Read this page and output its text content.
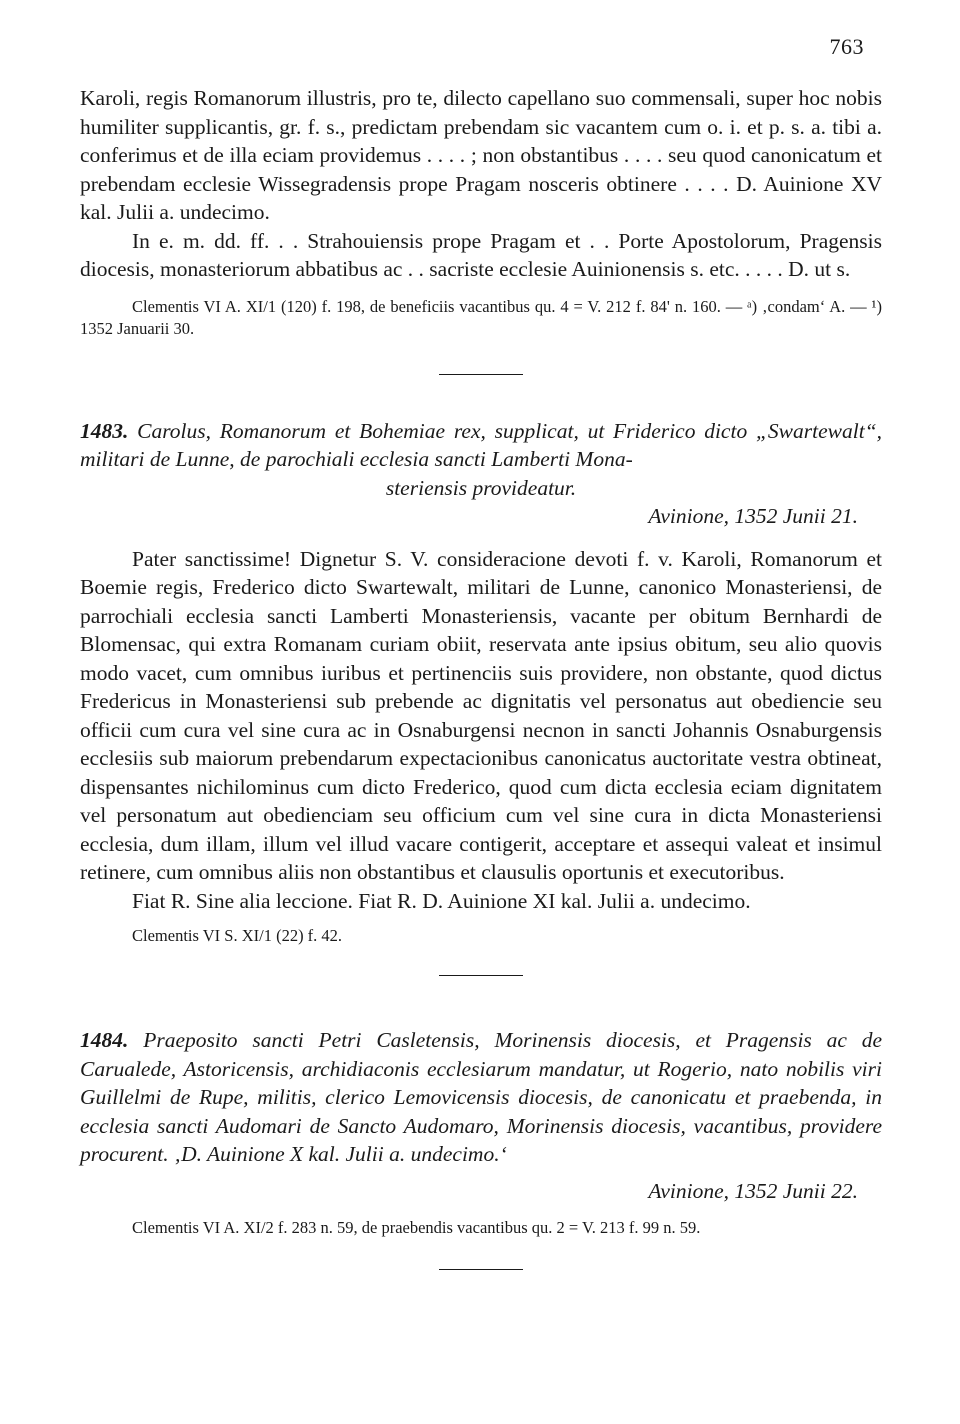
763

Karoli, regis Romanorum illustris, pro te, dilecto capellano suo commensali, super hoc nobis humiliter supplicantis, gr. f. s., predictam prebendam sic vacantem cum o. i. et p. s. a. tibi a. conferimus et de illa eciam providemus . . . . ; non obstantibus . . . . seu quod canonicatum et prebendam ecclesie Wissegradensis prope Pragam nosceris obtinere . . . . D. Auinione XV kal. Julii a. undecimo.

In e. m. dd. ff. . . Strahouiensis prope Pragam et . . Porte Apostolorum, Pragensis diocesis, monasteriorum abbatibus ac . . sacriste ecclesie Auinionensis s. etc. . . . . D. ut s.

Clementis VI A. XI/1 (120) f. 198, de beneficiis vacantibus qu. 4 = V. 212 f. 84' n. 160. — ᵃ) ‚condam‘ A. — ¹) 1352 Januarii 30.

1483. Carolus, Romanorum et Bohemiae rex, supplicat, ut Friderico dicto „Swartewalt“, militari de Lunne, de parochiali ecclesia sancti Lamberti Mona-
steriensis provideatur.

Avinione, 1352 Junii 21.

Pater sanctissime! Dignetur S. V. consideracione devoti f. v. Karoli, Romanorum et Boemie regis, Frederico dicto Swartewalt, militari de Lunne, canonico Monasteriensi, de parrochiali ecclesia sancti Lamberti Monasteriensis, vacante per obitum Bernhardi de Blomensac, qui extra Romanam curiam obiit, reservata ante ipsius obitum, seu alio quovis modo vacet, cum omnibus iuribus et pertinenciis suis providere, non obstante, quod dictus Fredericus in Monasteriensi sub prebende ac dignitatis vel personatus aut obediencie seu officii cum cura vel sine cura ac in Osnaburgensi necnon in sancti Johannis Osnaburgensis ecclesiis sub maiorum prebendarum expectacionibus canonicatus auctoritate vestra obtineat, dispensantes nichilominus cum dicto Frederico, quod cum dicta ecclesia eciam dignitatem vel personatum aut obedienciam seu officium cum vel sine cura in dicta Monasteriensi ecclesia, dum illam, illum vel illud vacare contigerit, acceptare et assequi valeat et insimul retinere, cum omnibus aliis non obstantibus et clausulis oportunis et executoribus.

Fiat R. Sine alia leccione. Fiat R. D. Auinione XI kal. Julii a. undecimo.

Clementis VI S. XI/1 (22) f. 42.

1484. Praeposito sancti Petri Casletensis, Morinensis diocesis, et Pragensis ac de Carualede, Astoricensis, archidiaconis ecclesiarum mandatur, ut Rogerio, nato nobilis viri Guillelmi de Rupe, militis, clerico Lemovicensis diocesis, de canonicatu et praebenda, in ecclesia sancti Audomari de Sancto Audomaro, Morinensis diocesis, vacantibus, providere procurent. ‚D. Auinione X kal. Julii a. undecimo.‘

Avinione, 1352 Junii 22.

Clementis VI A. XI/2 f. 283 n. 59, de praebendis vacantibus qu. 2 = V. 213 f. 99 n. 59.
